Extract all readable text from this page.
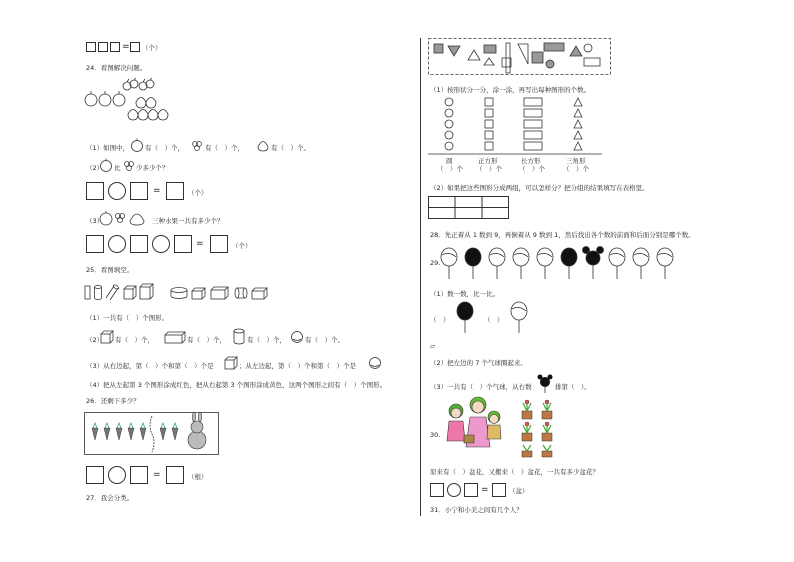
= （个）
24．看图解决问题。
（1）如图中， 有（　）个，	有（　）个，	有（　）个。
（2） 比 少多少个？
=	（个）
（3）	三种水果一共有多少个？
=	（个）
25．看图填空。
（1）一共有（　）个图形。
（2） 有（　）个，	有（　）个，	有（　）个，	有（　）个。
（3）从右边起，第（　）个和第（　）个是	；从左边起，第（　）个和第（　）个是
（4）把从左起第 3 个图形涂成红色，把从右起第 3 个图形涂成黄色，这两个图形之间有（　）个图形。
26．还剩下多少？
=	（根）
27．我会分类。
（1）按形状分一分，涂一涂，再写出每种图形的个数。
圆	正方形	长方形	三角形
（　）个 （　）个	（　）个	（　）个
（2）如果把这些图形分成两组，可以怎样分？把分组的结果填写在表格里。
28．先正着从 1 数到 9，再倒着从 9 数到 1，然后找出各个数的前面和后面分别是哪个数。
29.
（1）数一数，比一比。
（　）	（　）
▱
（2）把左边的 7 个气球圈起来。
（3）一共有（　）个气球，从右数	排第（　）。
30.
原来有（　）盆花，又搬来（　）盆花，一共有多少盆花？
=	（盆）
31．小宁和小美之间有几个人？
